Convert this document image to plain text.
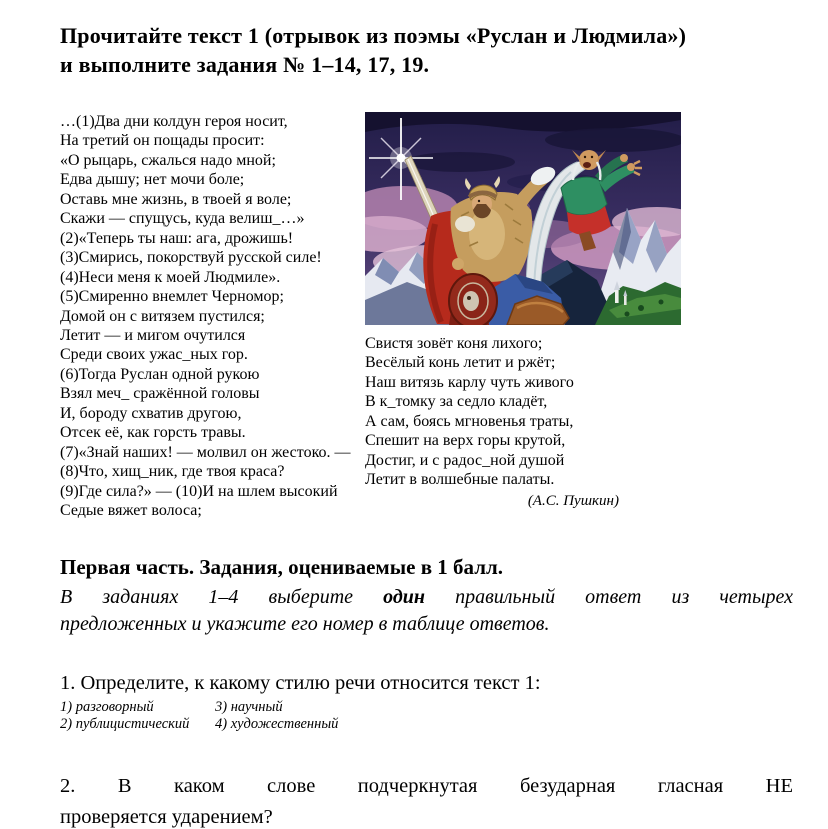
Прочитайте текст 1 (отрывок из поэмы «Руслан и Людмила»)
и выполните задания № 1–14, 17, 19.
…(1)Два дни колдун героя носит,
На третий он пощады просит:
«О рыцарь, сжалься надо мной;
Едва дышу; нет мочи боле;
Оставь мне жизнь, в твоей я воле;
Скажи — спущусь, куда велиш_…»
(2)«Теперь ты наш: ага, дрожишь!
(3)Смирись, покорствуй русской силе!
(4)Неси меня к моей Людмиле».
(5)Смиренно внемлет Черномор;
Домой он с витязем пустился;
Летит — и мигом очутился
Среди своих ужас_ных гор.
(6)Тогда Руслан одной рукою
Взял меч_ сражённой головы
И, бороду схватив другою,
Отсек её, как горсть травы.
(7)«Знай наших! — молвил он жестоко. —
(8)Что, хищ_ник, где твоя краса?
(9)Где сила?» — (10)И на шлем высокий
Седые вяжет волоса;
Свистя зовёт коня лихого;
Весёлый конь летит и ржёт;
Наш витязь карлу чуть живого
В к_томку за седло кладёт,
А сам, боясь мгновенья траты,
Спешит на верх горы крутой,
Достиг, и с радос_ной душой
Летит в волшебные палаты.
(А.С. Пушкин)
Первая часть. Задания, оцениваемые в 1 балл.
В заданиях 1–4 выберите один правильный ответ из четырех
предложенных и укажите его номер в таблице ответов.
1. Определите, к какому стилю речи относится текст 1:
1) разговорный	3) научный
2) публицистический	4) художественный
2. В каком слове подчеркнутая безударная гласная НЕ
проверяется ударением?
